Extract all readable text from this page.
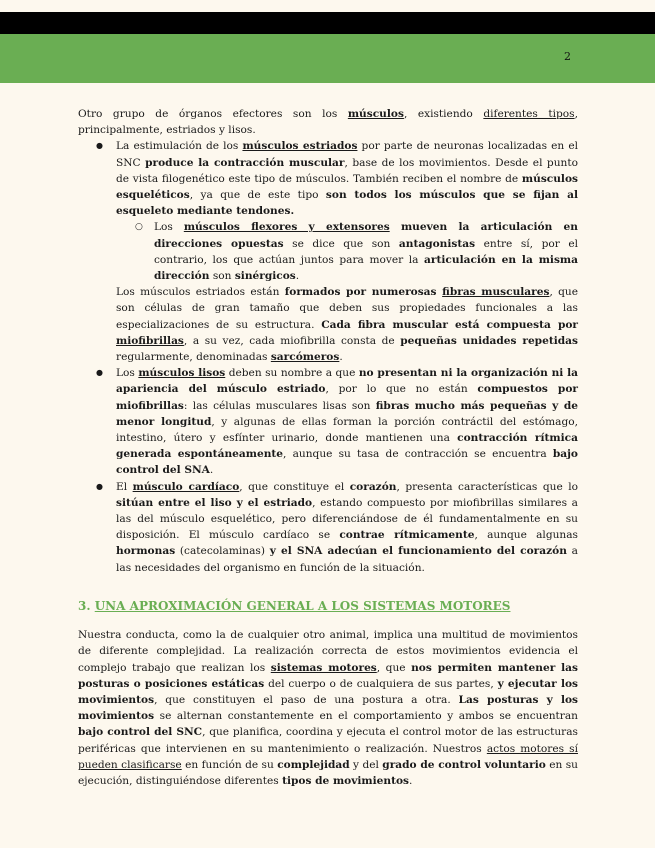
2

Otro grupo de órganos efectores son los músculos, existiendo diferentes tipos, principalmente, estriados y lisos.

● La estimulación de los músculos estriados por parte de neuronas localizadas en el SNC produce la contracción muscular, base de los movimientos. Desde el punto de vista filogenético este tipo de músculos. También reciben el nombre de músculos esqueléticos, ya que de este tipo son todos los músculos que se fijan al esqueleto mediante tendones.
○ Los músculos flexores y extensores mueven la articulación en direcciones opuestas se dice que son antagonistas entre sí, por el contrario, los que actúan juntos para mover la articulación en la misma dirección son sinérgicos.

Los músculos estriados están formados por numerosas fibras musculares, que son células de gran tamaño que deben sus propiedades funcionales a las especializaciones de su estructura. Cada fibra muscular está compuesta por miofibrillas, a su vez, cada miofibrilla consta de pequeñas unidades repetidas regularmente, denominadas sarcómeros.

● Los músculos lisos deben su nombre a que no presentan ni la organización ni la apariencia del músculo estriado, por lo que no están compuestos por miofibrillas: las células musculares lisas son fibras mucho más pequeñas y de menor longitud, y algunas de ellas forman la porción contráctil del estómago, intestino, útero y esfínter urinario, donde mantienen una contracción rítmica generada espontáneamente, aunque su tasa de contracción se encuentra bajo control del SNA.
● El músculo cardíaco, que constituye el corazón, presenta características que lo sitúan entre el liso y el estriado, estando compuesto por miofibrillas similares a las del músculo esquelético, pero diferenciándose de él fundamentalmente en su disposición. El músculo cardíaco se contrae rítmicamente, aunque algunas hormonas (catecolaminas) y el SNA adecúan el funcionamiento del corazón a las necesidades del organismo en función de la situación.
3. UNA APROXIMACIÓN GENERAL A LOS SISTEMAS MOTORES

Nuestra conducta, como la de cualquier otro animal, implica una multitud de movimientos de diferente complejidad. La realización correcta de estos movimientos evidencia el complejo trabajo que realizan los sistemas motores, que nos permiten mantener las posturas o posiciones estáticas del cuerpo o de cualquiera de sus partes, y ejecutar los movimientos, que constituyen el paso de una postura a otra. Las posturas y los movimientos se alternan constantemente en el comportamiento y ambos se encuentran bajo control del SNC, que planifica, coordina y ejecuta el control motor de las estructuras periféricas que intervienen en su mantenimiento o realización. Nuestros actos motores sí pueden clasificarse en función de su complejidad y del grado de control voluntario en su ejecución, distinguiéndose diferentes tipos de movimientos.
